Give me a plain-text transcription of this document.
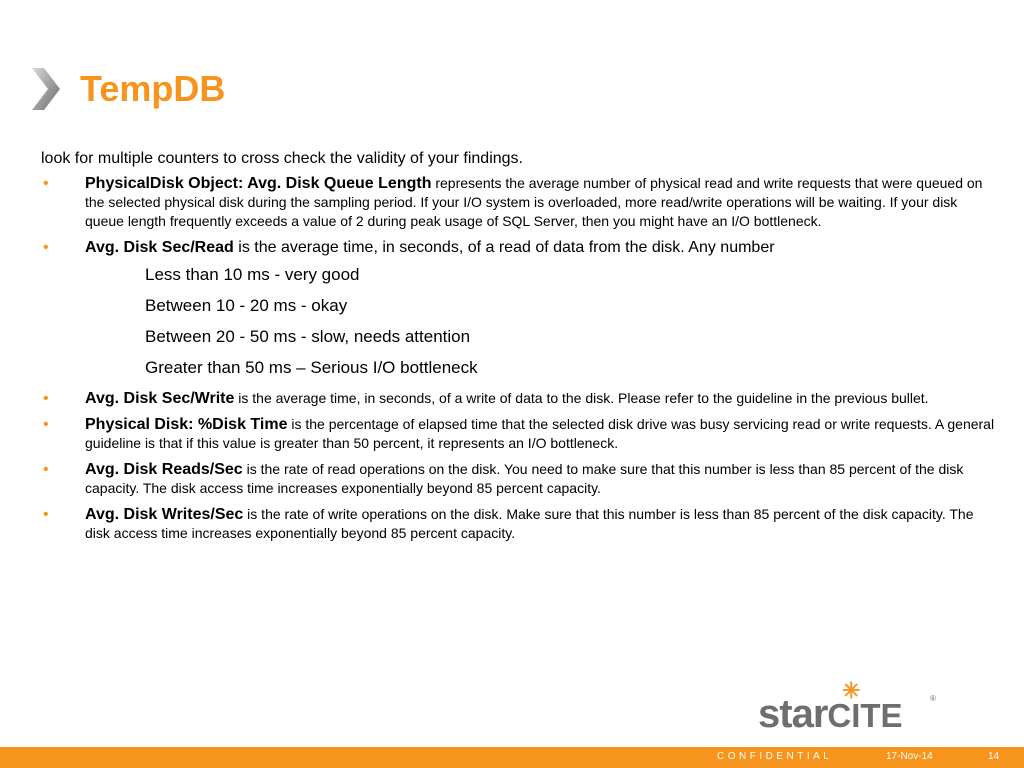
TempDB

look for multiple counters to cross check the validity of your findings.

• PhysicalDisk Object: Avg. Disk Queue Length represents the average number of physical read and write requests that were queued on the selected physical disk during the sampling period. If your I/O system is overloaded, more read/write operations will be waiting. If your disk queue length frequently exceeds a value of 2 during peak usage of SQL Server, then you might have an I/O bottleneck.
• Avg. Disk Sec/Read is the average time, in seconds, of a read of data from the disk. Any number

Less than 10 ms - very good

Between 10 - 20 ms - okay

Between 20 - 50 ms - slow, needs attention

Greater than 50 ms – Serious I/O bottleneck

• Avg. Disk Sec/Write is the average time, in seconds, of a write of data to the disk. Please refer to the guideline in the previous bullet.
• Physical Disk: %Disk Time is the percentage of elapsed time that the selected disk drive was busy servicing read or write requests. A general guideline is that if this value is greater than 50 percent, it represents an I/O bottleneck.
• Avg. Disk Reads/Sec is the rate of read operations on the disk. You need to make sure that this number is less than 85 percent of the disk capacity. The disk access time increases exponentially beyond 85 percent capacity.
• Avg. Disk Writes/Sec is the rate of write operations on the disk. Make sure that this number is less than 85 percent of the disk capacity. The disk access time increases exponentially beyond 85 percent capacity.
✳
starCITE	®
CONFIDENTIAL	17-Nov-14	14
